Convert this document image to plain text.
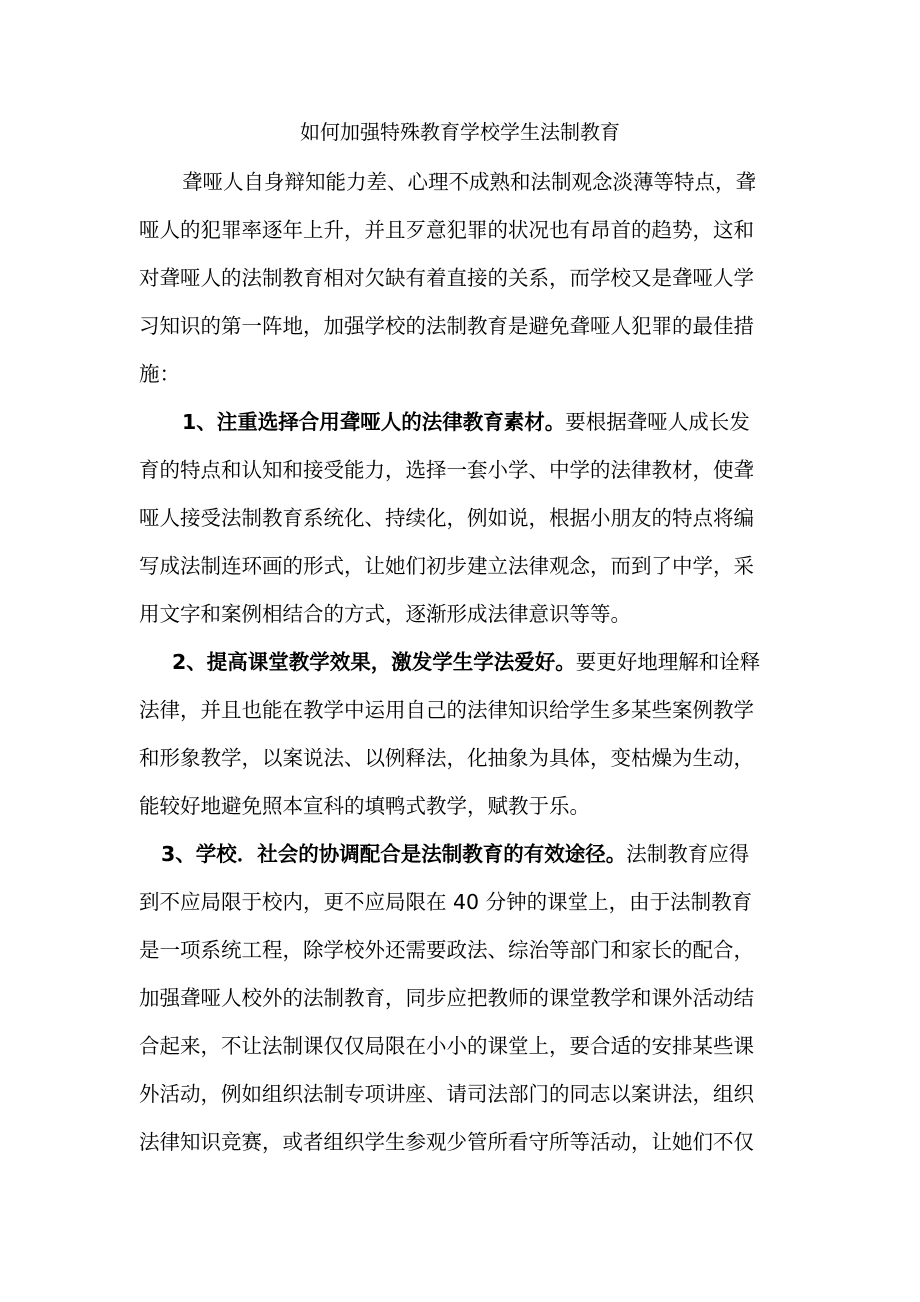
如何加强特殊教育学校学生法制教育

聋哑人自身辩知能力差、心理不成熟和法制观念淡薄等特点，聋

哑人的犯罪率逐年上升，并且歹意犯罪的状况也有昂首的趋势，这和

对聋哑人的法制教育相对欠缺有着直接的关系，而学校又是聋哑人学

习知识的第一阵地，加强学校的法制教育是避免聋哑人犯罪的最佳措

施：

1、注重选择合用聋哑人的法律教育素材。要根据聋哑人成长发

育的特点和认知和接受能力，选择一套小学、中学的法律教材，使聋

哑人接受法制教育系统化、持续化，例如说，根据小朋友的特点将编

写成法制连环画的形式，让她们初步建立法律观念，而到了中学，采

用文字和案例相结合的方式，逐渐形成法律意识等等。

2、提高课堂教学效果，激发学生学法爱好。要更好地理解和诠释

法律，并且也能在教学中运用自己的法律知识给学生多某些案例教学

和形象教学，以案说法、以例释法，化抽象为具体，变枯燥为生动，

能较好地避免照本宣科的填鸭式教学，赋教于乐。

3、学校．社会的协调配合是法制教育的有效途径。法制教育应得

到不应局限于校内，更不应局限在 40 分钟的课堂上，由于法制教育

是一项系统工程，除学校外还需要政法、综治等部门和家长的配合，

加强聋哑人校外的法制教育，同步应把教师的课堂教学和课外活动结

合起来，不让法制课仅仅局限在小小的课堂上，要合适的安排某些课

外活动，例如组织法制专项讲座、请司法部门的同志以案讲法，组织

法律知识竞赛，或者组织学生参观少管所看守所等活动，让她们不仅
